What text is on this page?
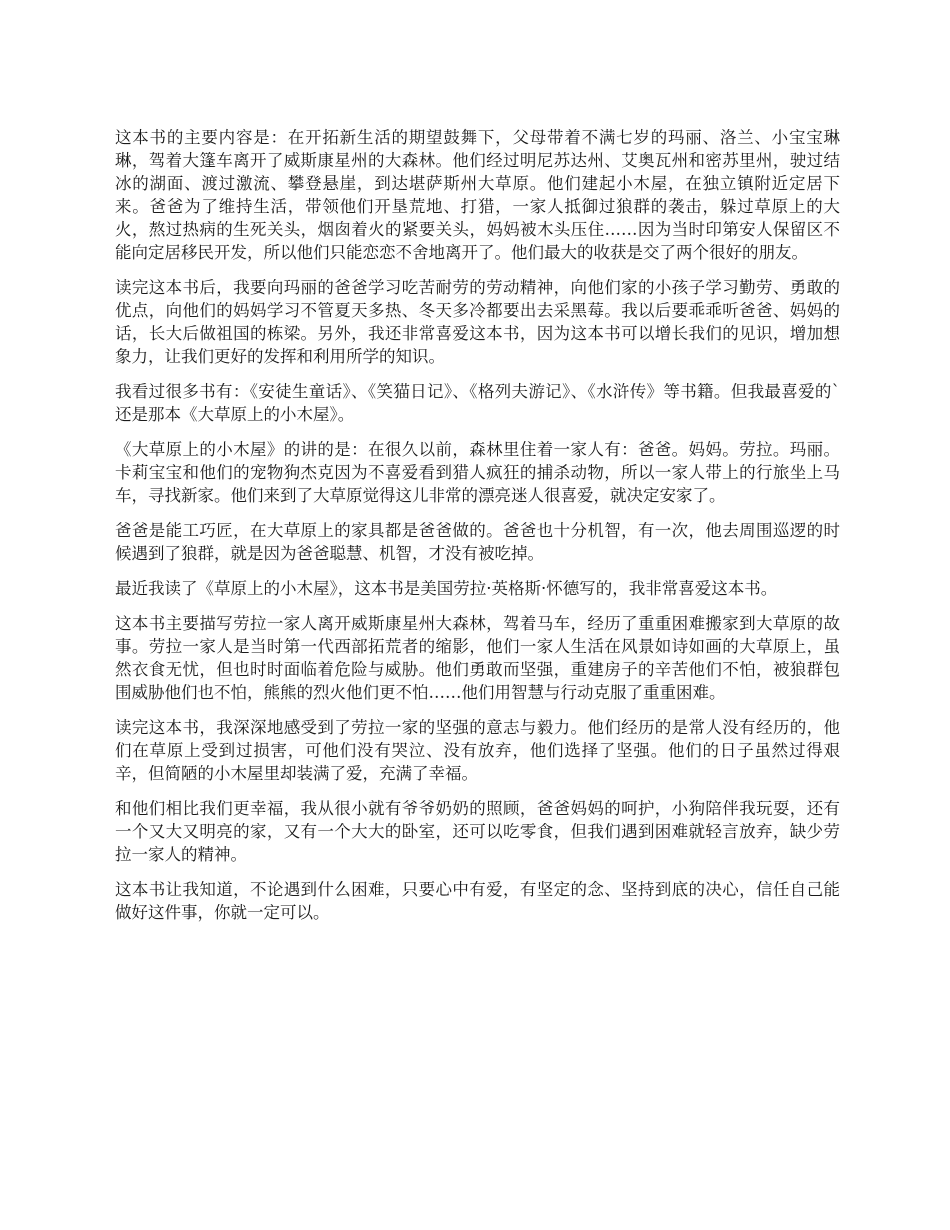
这本书的主要内容是：在开拓新生活的期望鼓舞下，父母带着不满七岁的玛丽、洛兰、小宝宝琳琳，驾着大篷车离开了威斯康星州的大森林。他们经过明尼苏达州、艾奥瓦州和密苏里州，驶过结冰的湖面、渡过激流、攀登悬崖，到达堪萨斯州大草原。他们建起小木屋，在独立镇附近定居下来。爸爸为了维持生活，带领他们开垦荒地、打猎，一家人抵御过狼群的袭击，躲过草原上的大火，熬过热病的生死关头，烟囱着火的紧要关头，妈妈被木头压住……因为当时印第安人保留区不能向定居移民开发，所以他们只能恋恋不舍地离开了。他们最大的收获是交了两个很好的朋友。

读完这本书后，我要向玛丽的爸爸学习吃苦耐劳的劳动精神，向他们家的小孩子学习勤劳、勇敢的优点，向他们的妈妈学习不管夏天多热、冬天多冷都要出去采黑莓。我以后要乖乖听爸爸、妈妈的话，长大后做祖国的栋梁。另外，我还非常喜爱这本书，因为这本书可以增长我们的见识，增加想象力，让我们更好的发挥和利用所学的知识。

我看过很多书有：《安徒生童话》、《笑猫日记》、《格列夫游记》、《水浒传》等书籍。但我最喜爱的`还是那本《大草原上的小木屋》。

《大草原上的小木屋》的讲的是：在很久以前，森林里住着一家人有：爸爸。妈妈。劳拉。玛丽。卡莉宝宝和他们的宠物狗杰克因为不喜爱看到猎人疯狂的捕杀动物，所以一家人带上的行旅坐上马车，寻找新家。他们来到了大草原觉得这儿非常的漂亮迷人很喜爱，就决定安家了。

爸爸是能工巧匠，在大草原上的家具都是爸爸做的。爸爸也十分机智，有一次，他去周围巡逻的时候遇到了狼群，就是因为爸爸聪慧、机智，才没有被吃掉。

最近我读了《草原上的小木屋》，这本书是美国劳拉·英格斯·怀德写的，我非常喜爱这本书。

这本书主要描写劳拉一家人离开威斯康星州大森林，驾着马车，经历了重重困难搬家到大草原的故事。劳拉一家人是当时第一代西部拓荒者的缩影，他们一家人生活在风景如诗如画的大草原上，虽然衣食无忧，但也时时面临着危险与威胁。他们勇敢而坚强，重建房子的辛苦他们不怕，被狼群包围威胁他们也不怕，熊熊的烈火他们更不怕……他们用智慧与行动克服了重重困难。

读完这本书，我深深地感受到了劳拉一家的坚强的意志与毅力。他们经历的是常人没有经历的，他们在草原上受到过损害，可他们没有哭泣、没有放弃，他们选择了坚强。他们的日子虽然过得艰辛，但简陋的小木屋里却装满了爱，充满了幸福。

和他们相比我们更幸福，我从很小就有爷爷奶奶的照顾，爸爸妈妈的呵护，小狗陪伴我玩耍，还有一个又大又明亮的家，又有一个大大的卧室，还可以吃零食，但我们遇到困难就轻言放弃，缺少劳拉一家人的精神。

这本书让我知道，不论遇到什么困难，只要心中有爱，有坚定的念、坚持到底的决心，信任自己能做好这件事，你就一定可以。
